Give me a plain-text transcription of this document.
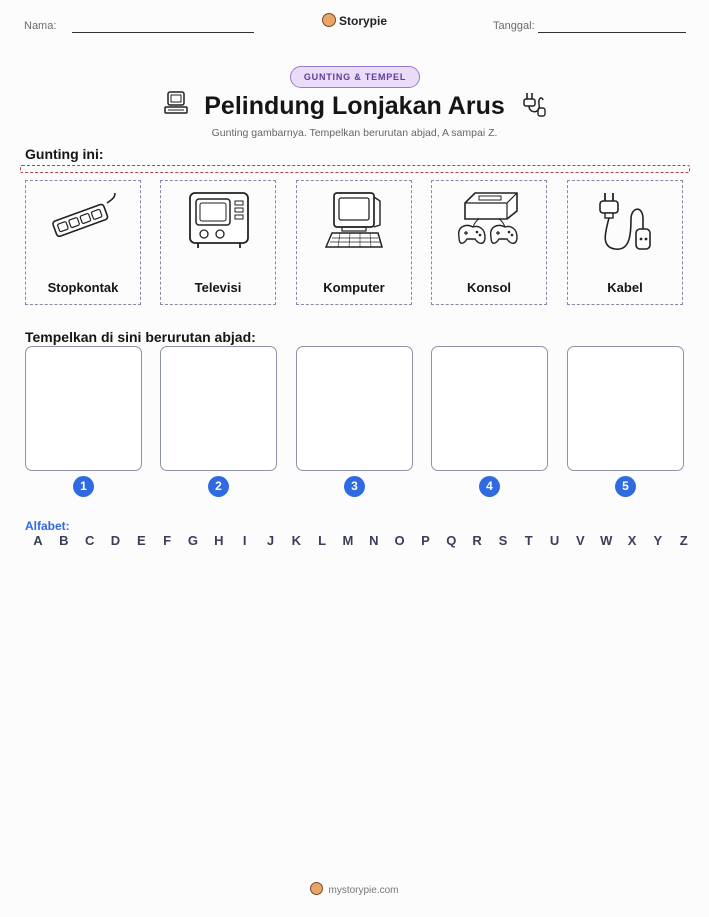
Nama:	Storypie	Tanggal:
GUNTING & TEMPEL
Pelindung Lonjakan Arus
Gunting gambarnya. Tempelkan berurutan abjad, A sampai Z.
Gunting ini:
Stopkontak	Televisi	Komputer	Konsol	Kabel
Tempelkan di sini berurutan abjad:
1	2	3	4	5
Alfabet:
A B C D E F G H	I	J K L M N O P Q R S T U V W X Y Z
mystorypie.com
